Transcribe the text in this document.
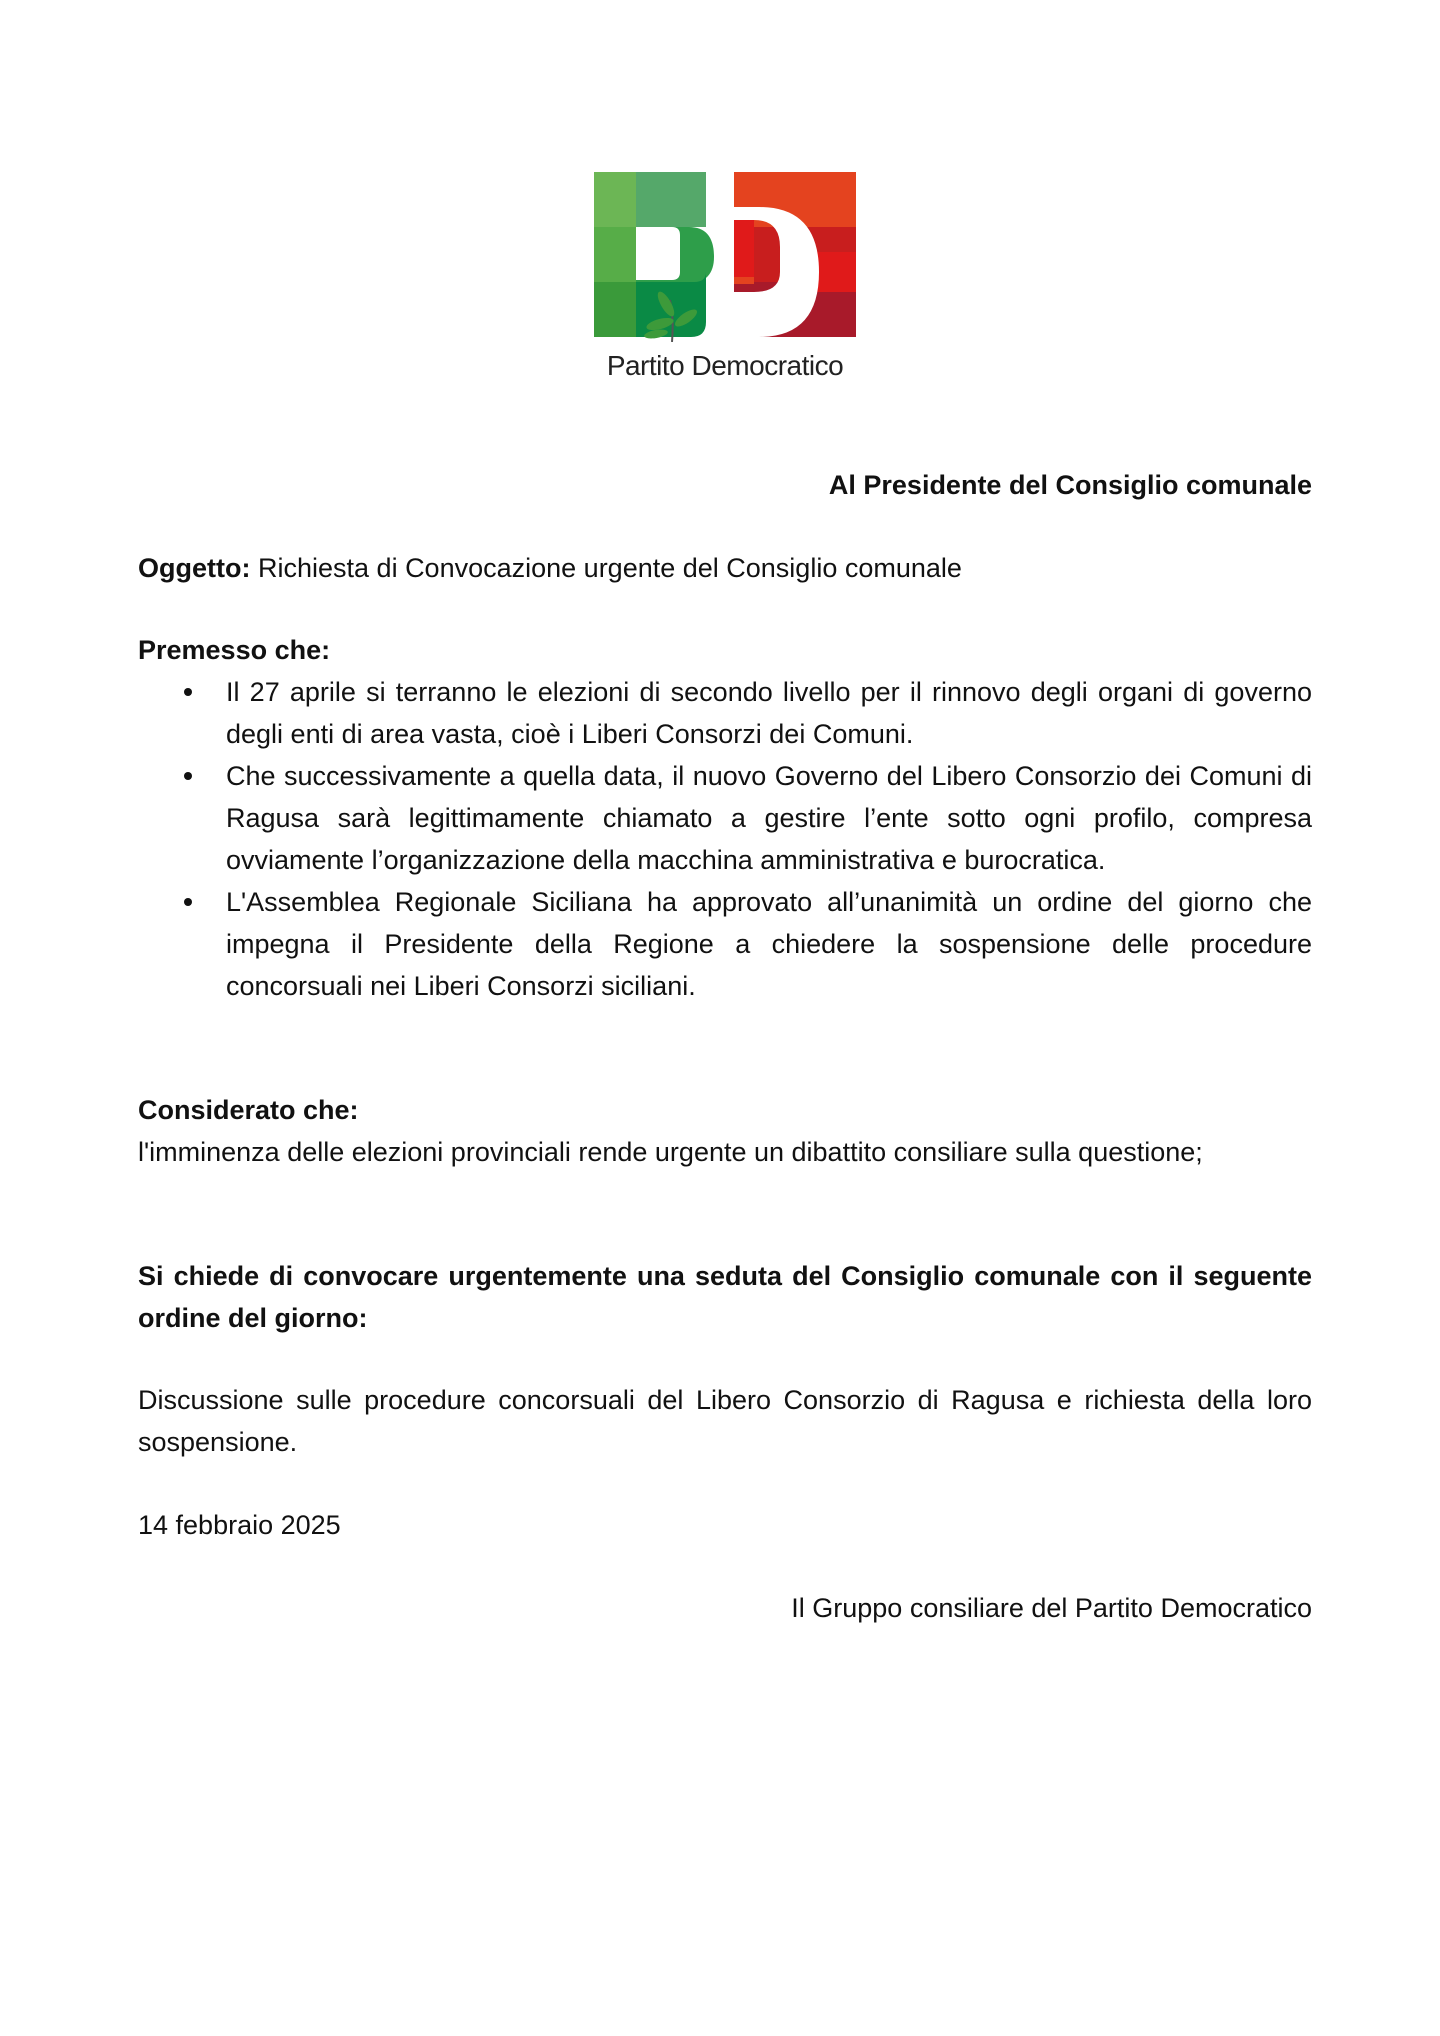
Partito Democratico
Al Presidente del Consiglio comunale
Oggetto: Richiesta di Convocazione urgente del Consiglio comunale
Premesso che:
Il 27 aprile si terranno le elezioni di secondo livello per il rinnovo degli organi di governo degli enti di area vasta, cioè i Liberi Consorzi dei Comuni.
Che successivamente a quella data, il nuovo Governo del Libero Consorzio dei Comuni di Ragusa sarà legittimamente chiamato a gestire l’ente sotto ogni profilo, compresa ovviamente l’organizzazione della macchina amministrativa e burocratica.
L'Assemblea Regionale Siciliana ha approvato all’unanimità un ordine del giorno che impegna il Presidente della Regione a chiedere la sospensione delle procedure concorsuali nei Liberi Consorzi siciliani.
Considerato che:
l'imminenza delle elezioni provinciali rende urgente un dibattito consiliare sulla questione;
Si chiede di convocare urgentemente una seduta del Consiglio comunale con il seguente ordine del giorno:
Discussione sulle procedure concorsuali del Libero Consorzio di Ragusa e richiesta della loro sospensione.
14 febbraio 2025
Il Gruppo consiliare del Partito Democratico
